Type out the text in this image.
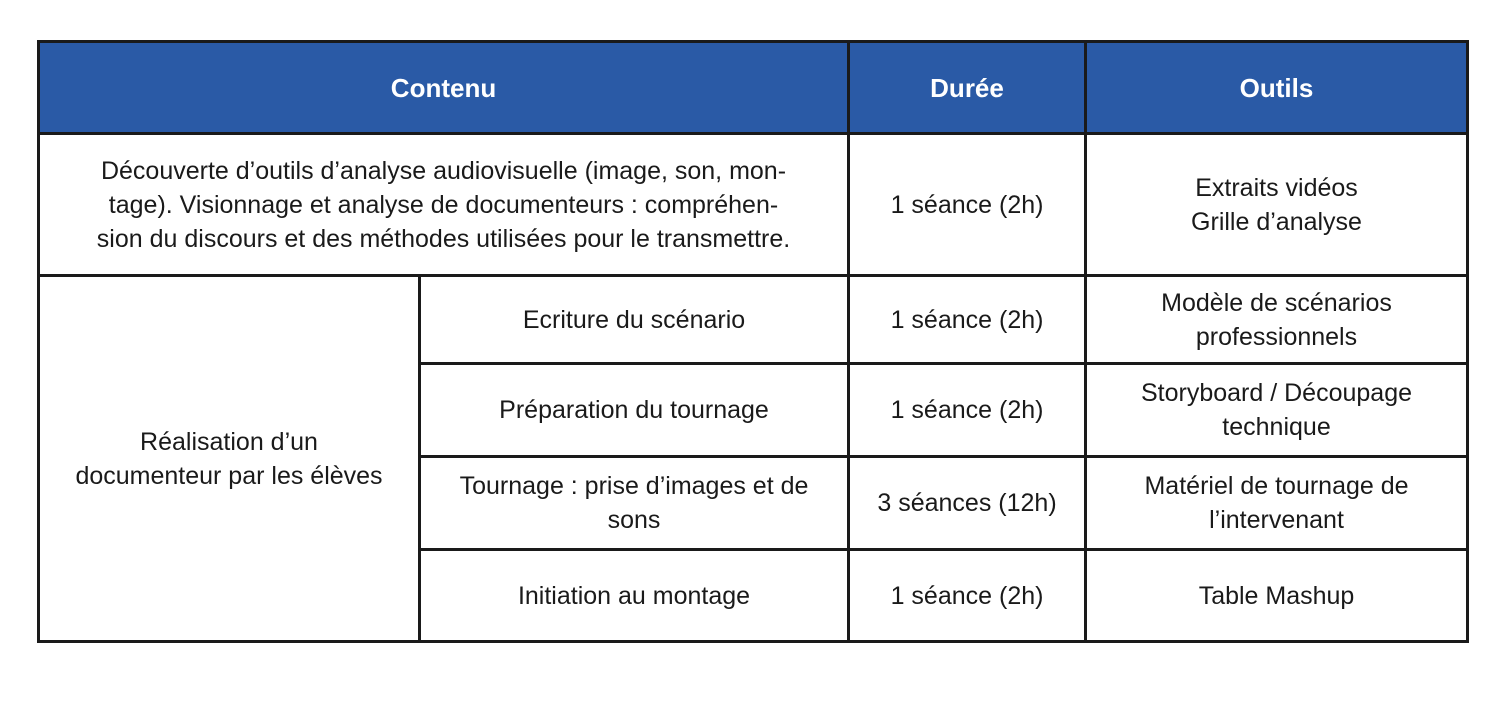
Contenu		Durée	Outils

Découverte d’outils d’analyse audiovisuelle (image, son, mon-
tage). Visionnage et analyse de documenteurs : compréhen-
sion du discours et des méthodes utilisées pour le transmettre.		1 séance (2h)	Extraits vidéos
Grille d’analyse

Réalisation d’un
documenteur par les élèves	Ecriture du scénario	1 séance (2h)	Modèle de scénarios
professionnels

	Préparation du tournage	1 séance (2h)	Storyboard / Découpage
technique

	Tournage : prise d’images et de
sons	3 séances (12h)	Matériel de tournage de
l’intervenant

	Initiation au montage	1 séance (2h)	Table Mashup
